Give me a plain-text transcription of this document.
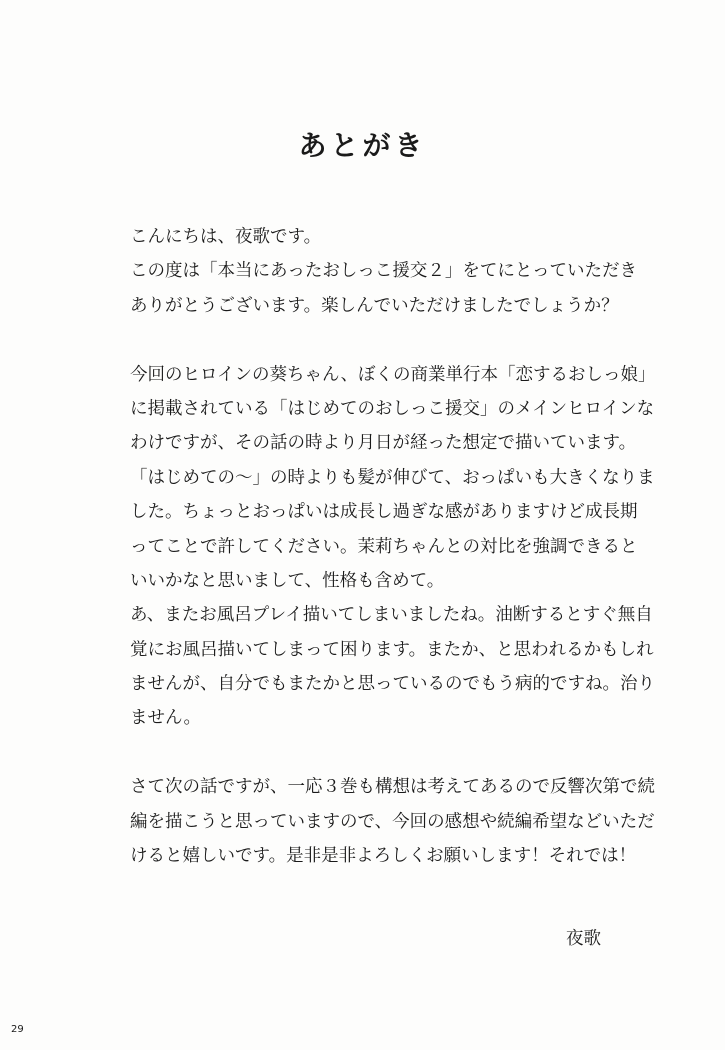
あとがき
こんにちは、夜歌です。
この度は「本当にあったおしっこ援交２」をてにとっていただき
ありがとうございます。楽しんでいただけましたでしょうか？
今回のヒロインの葵ちゃん、ぼくの商業単行本「恋するおしっ娘」
に掲載されている「はじめてのおしっこ援交」のメインヒロインな
わけですが、その話の時より月日が経った想定で描いています。
「はじめての～」の時よりも髪が伸びて、おっぱいも大きくなりま
した。ちょっとおっぱいは成長し過ぎな感がありますけど成長期
ってことで許してください。茉莉ちゃんとの対比を強調できると
いいかなと思いまして、性格も含めて。
あ、またお風呂プレイ描いてしまいましたね。油断するとすぐ無自
覚にお風呂描いてしまって困ります。またか、と思われるかもしれ
ませんが、自分でもまたかと思っているのでもう病的ですね。治り
ません。
さて次の話ですが、一応３巻も構想は考えてあるので反響次第で続
編を描こうと思っていますので、今回の感想や続編希望などいただ
けると嬉しいです。是非是非よろしくお願いします！それでは！
夜歌
29
